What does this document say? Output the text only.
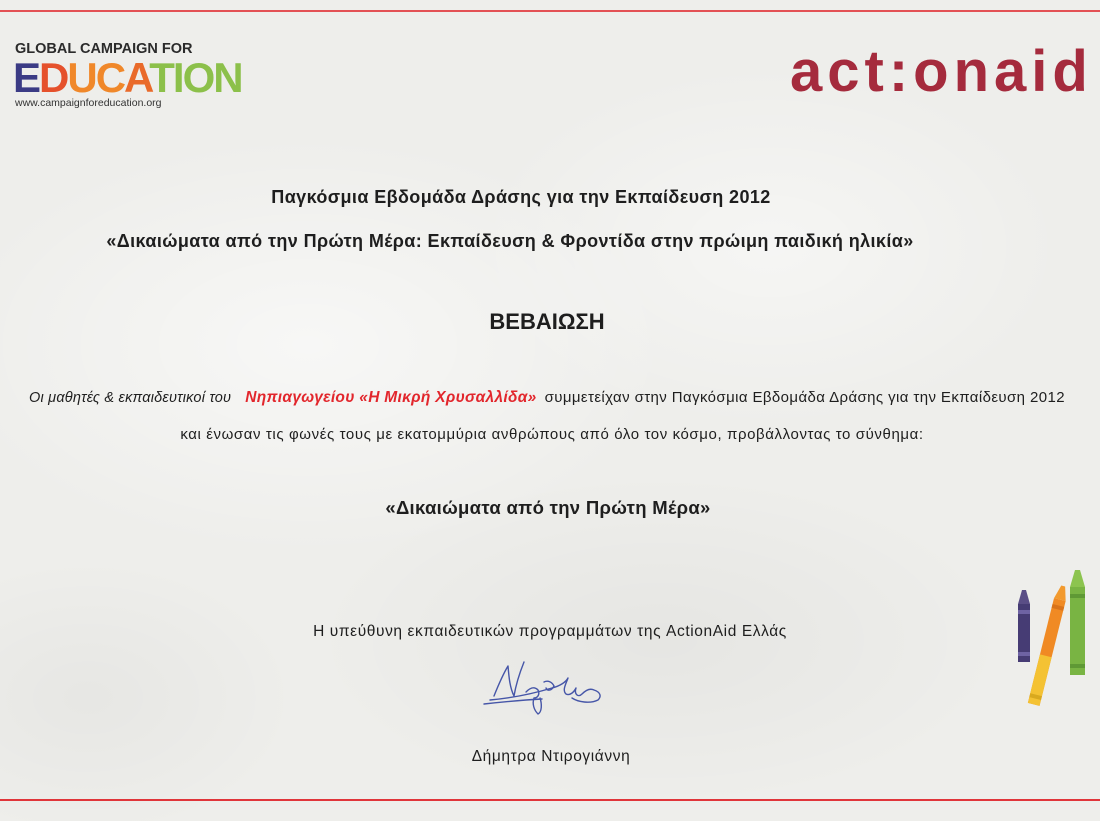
GLOBAL CAMPAIGN FOR
EDUCATION
www.campaignforeducation.org	act:onaid
Παγκόσμια Εβδομάδα Δράσης για την Εκπαίδευση 2012
«Δικαιώματα από την Πρώτη Μέρα: Εκπαίδευση & Φροντίδα στην πρώιμη παιδική ηλικία»
ΒΕΒΑΙΩΣΗ
Οι μαθητές & εκπαιδευτικοί του Νηπιαγωγείου «Η Μικρή Χρυσαλλίδα» συμμετείχαν στην Παγκόσμια Εβδομάδα Δράσης για την Εκπαίδευση 2012
και ένωσαν τις φωνές τους με εκατομμύρια ανθρώπους από όλο τον κόσμο, προβάλλοντας το σύνθημα:
«Δικαιώματα από την Πρώτη Μέρα»
Η υπεύθυνη εκπαιδευτικών προγραμμάτων της ActionAid Ελλάς
Δήμητρα Ντιρογιάννη
